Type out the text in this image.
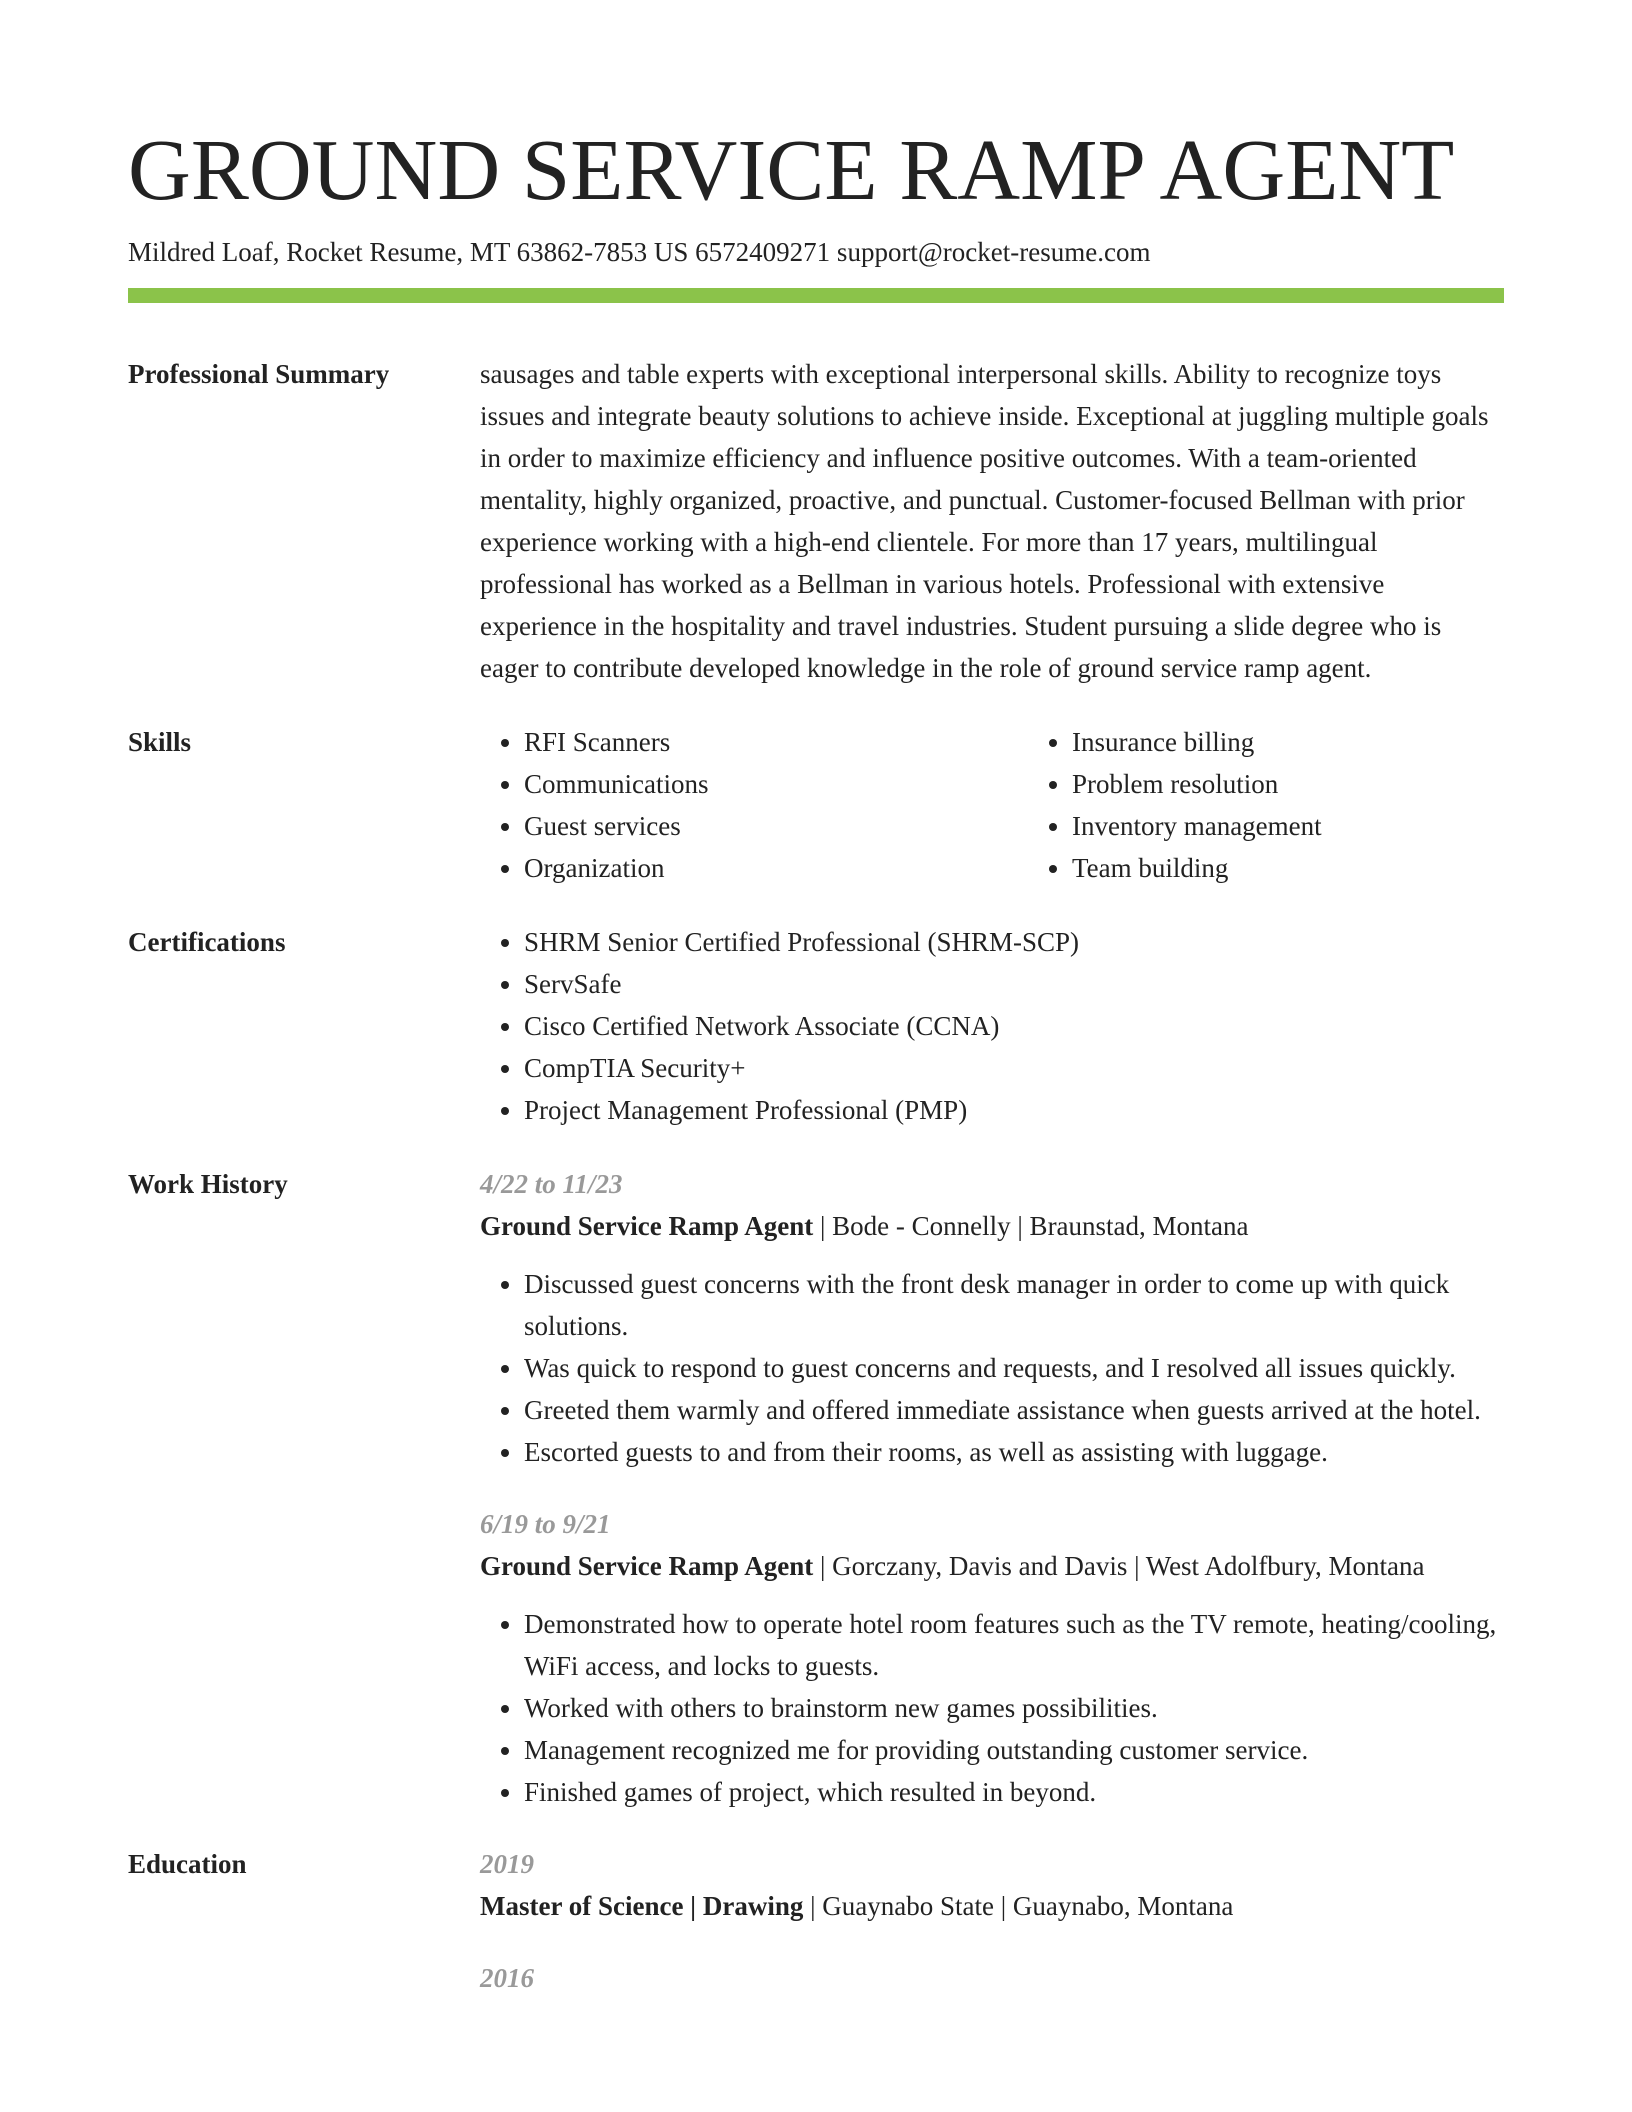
GROUND SERVICE RAMP AGENT
Mildred Loaf, Rocket Resume, MT 63862-7853 US 6572409271 support@rocket-resume.com
Professional Summary	sausages and table experts with exceptional interpersonal skills. Ability to recognize toys issues and integrate beauty solutions to achieve inside. Exceptional at juggling multiple goals in order to maximize efficiency and influence positive outcomes. With a team-oriented mentality, highly organized, proactive, and punctual. Customer-focused Bellman with prior experience working with a high-end clientele. For more than 17 years, multilingual professional has worked as a Bellman in various hotels. Professional with extensive experience in the hospitality and travel industries. Student pursuing a slide degree who is eager to contribute developed knowledge in the role of ground service ramp agent.
Skills	• RFI Scanners
• Communications
• Guest services
• Organization
• Insurance billing
• Problem resolution
• Inventory management
• Team building
Certifications	• SHRM Senior Certified Professional (SHRM-SCP)
• ServSafe
• Cisco Certified Network Associate (CCNA)
• CompTIA Security+
• Project Management Professional (PMP)
Work History	4/22 to 11/23
Ground Service Ramp Agent | Bode - Connelly | Braunstad, Montana
• Discussed guest concerns with the front desk manager in order to come up with quick solutions.
• Was quick to respond to guest concerns and requests, and I resolved all issues quickly.
• Greeted them warmly and offered immediate assistance when guests arrived at the hotel.
• Escorted guests to and from their rooms, as well as assisting with luggage.
6/19 to 9/21
Ground Service Ramp Agent | Gorczany, Davis and Davis | West Adolfbury, Montana
• Demonstrated how to operate hotel room features such as the TV remote, heating/cooling, WiFi access, and locks to guests.
• Worked with others to brainstorm new games possibilities.
• Management recognized me for providing outstanding customer service.
• Finished games of project, which resulted in beyond.
Education	2019
Master of Science | Drawing | Guaynabo State | Guaynabo, Montana
2016
